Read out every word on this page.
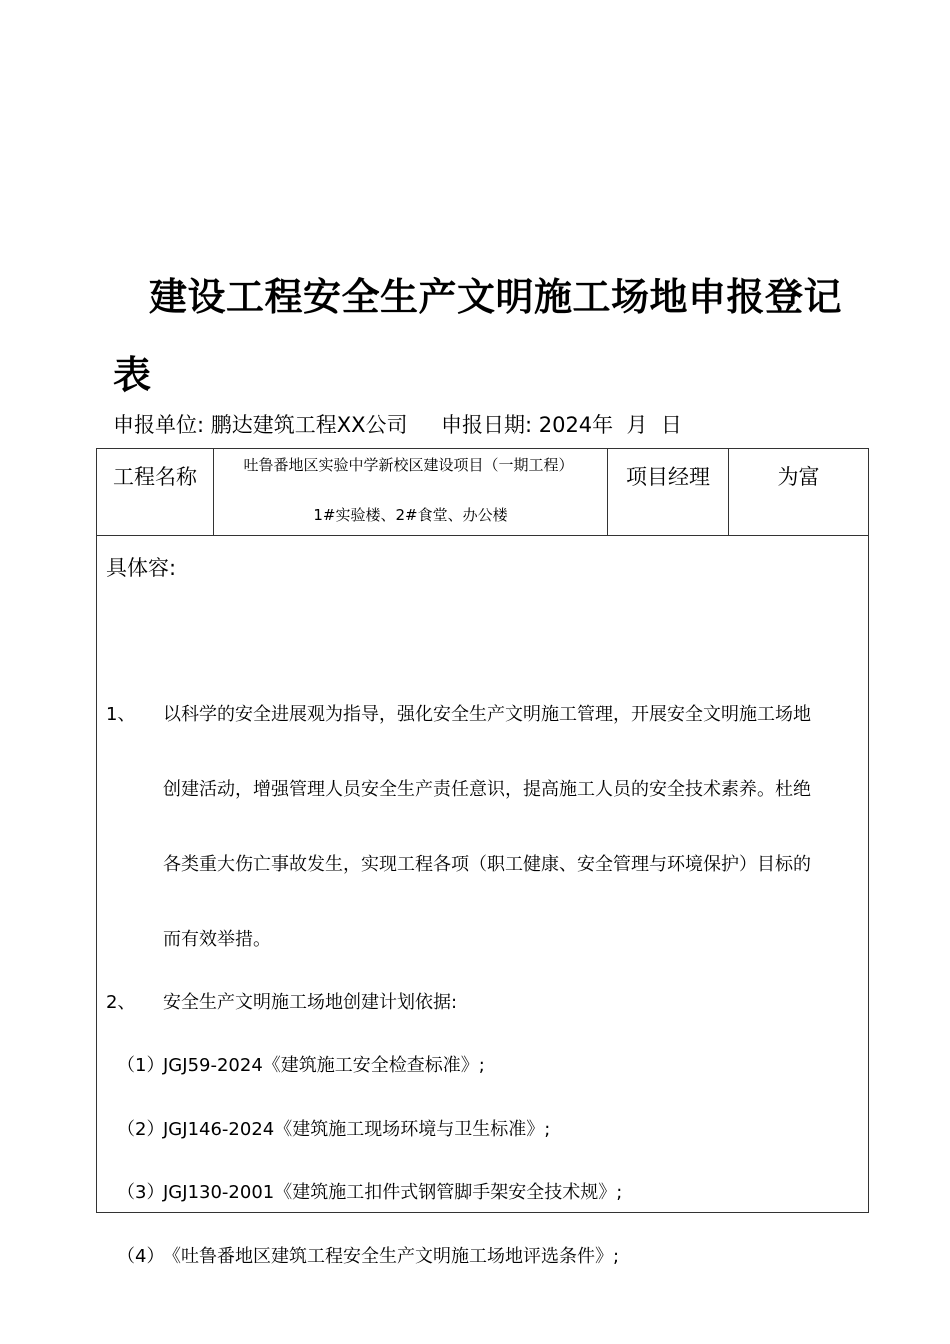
建设工程安全生产文明施工场地申报登记表
申报单位: 鹏达建筑工程XX公司 申报日期: 2024年  月  日
工程名称	吐鲁番地区实验中学新校区建设项目（一期工程）
1#实验楼、2#食堂、办公楼
	项目经理	为富

具体容:
1、 以科学的安全进展观为指导，强化安全生产文明施工管理，开展安全文明施工场地
创建活动，增强管理人员安全生产责任意识，提高施工人员的安全技术素养。杜绝
各类重大伤亡事故发生，实现工程各项（职工健康、安全管理与环境保护）目标的
而有效举措。
2、 安全生产文明施工场地创建计划依据:
（1）
JGJ59-2024《建筑施工安全检查标准》;
（2）
JGJ146-2024《建筑施工现场环境与卫生标准》;
（3）
JGJ130-2001《建筑施工扣件式钢管脚手架安全技术规》;
（4）
《吐鲁番地区建筑工程安全生产文明施工场地评选条件》;
